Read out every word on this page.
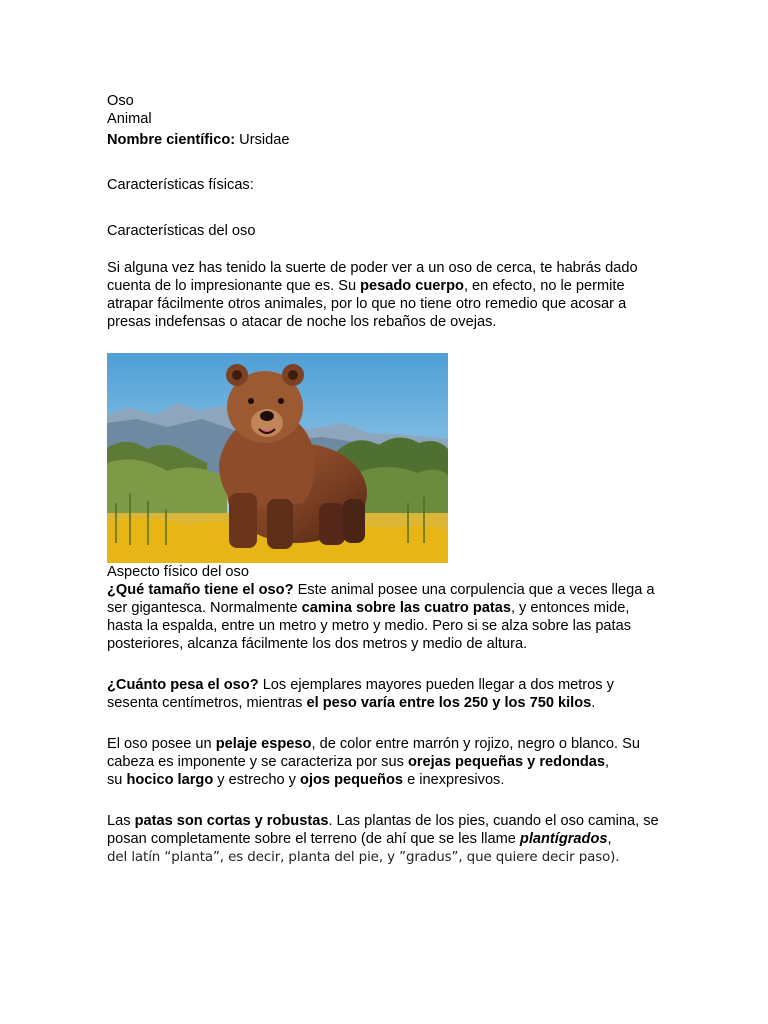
Oso
Animal
Nombre científico: Ursidae
Características físicas:
Características del oso

Si alguna vez has tenido la suerte de poder ver a un oso de cerca, te habrás dado cuenta de lo impresionante que es. Su pesado cuerpo, en efecto, no le permite atrapar fácilmente otros animales, por lo que no tiene otro remedio que acosar a presas indefensas o atacar de noche los rebaños de ovejas.

Aspecto físico del oso

¿Qué tamaño tiene el oso? Este animal posee una corpulencia que a veces llega a ser gigantesca. Normalmente camina sobre las cuatro patas, y entonces mide, hasta la espalda, entre un metro y metro y medio. Pero si se alza sobre las patas posteriores, alcanza fácilmente los dos metros y medio de altura.

¿Cuánto pesa el oso? Los ejemplares mayores pueden llegar a dos metros y sesenta centímetros, mientras el peso varía entre los 250 y los 750 kilos.

El oso posee un pelaje espeso, de color entre marrón y rojizo, negro o blanco. Su cabeza es imponente y se caracteriza por sus orejas pequeñas y redondas,
su hocico largo y estrecho y ojos pequeños e inexpresivos.

Las patas son cortas y robustas. Las plantas de los pies, cuando el oso camina, se posan completamente sobre el terreno (de ahí que se les llame plantígrados,
del latín “planta”, es decir, planta del pie, y ”gradus”, que quiere decir paso).
